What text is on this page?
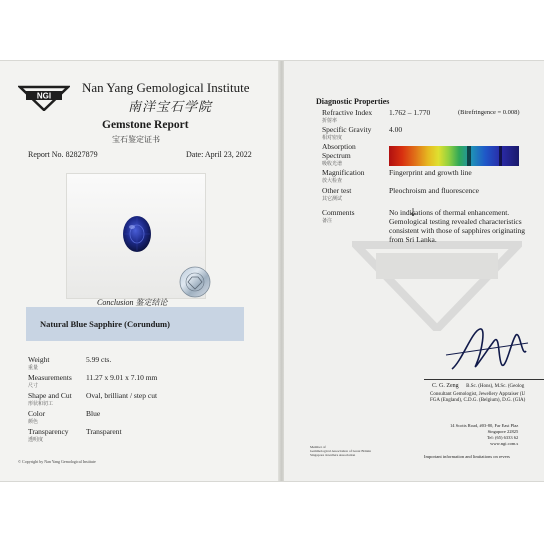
NGI
Nan Yang Gemological Institute
南洋宝石学院
Gemstone Report
宝石鉴定证书
Report No. 82827879	Date: April 23, 2022
Conclusion 鉴定结论
Natural Blue Sapphire (Corundum)
Weight
重量
5.99 cts.
Measurements
尺寸
11.27 x 9.01 x 7.10 mm
Shape and Cut
形状和切工
Oval, brilliant / step cut
Color
颜色
Blue
Transparency
透明度
Transparent
© Copyright by Nan Yang Gemological Institute
Diagnostic Properties
Refractive Index
折射率
1.762 – 1.770	(Birefringence = 0.008)
Specific Gravity
相对密度
4.00
Absorption
Spectrum
吸收光谱
Magnification
放大检查
Fingerprint and growth line
Other test
其它测试
Pleochroism and fluorescence
Comments
备注
No indications of thermal enhancement.
Gemological testing revealed characteristics
consistent with those of sapphires originating
from Sri Lanka.
C. G. Zeng B.Sc. (Hons), M.Sc. (Geolog
Consultant Gemologist, Jewellery Appraiser (U
FGA (England), C.D.G. (Belgium), D.G. (GIA)
Member of
Gemmological Association of Great Britain
Singapore Jewellers Association
14 Scotts Road, #03-80, Far East Plaz
Singapore 22825
Tel: (65) 6333 62
www.ngi.com.s
Important information and limitations on revers
